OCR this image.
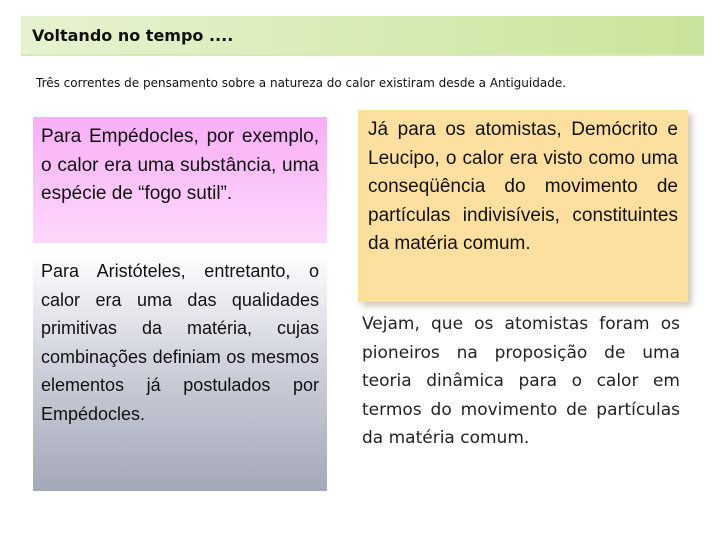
Voltando no tempo ....
Três correntes de pensamento sobre a natureza do calor existiram desde a Antiguidade.

Para Empédocles, por exemplo, o calor era uma substância, uma espécie de “fogo sutil”.

Para Aristóteles, entretanto, o calor era uma das qualidades primitivas da matéria, cujas combinações definiam os mesmos elementos já postulados por Empédocles.

Vejam, que os atomistas foram os pioneiros na proposição de uma teoria dinâmica para o calor em termos do movimento de partículas da matéria comum.

Já para os atomistas, Demócrito e Leucipo, o calor era visto como uma conseqüência do movimento de partículas indivisíveis, constituintes da matéria comum.
